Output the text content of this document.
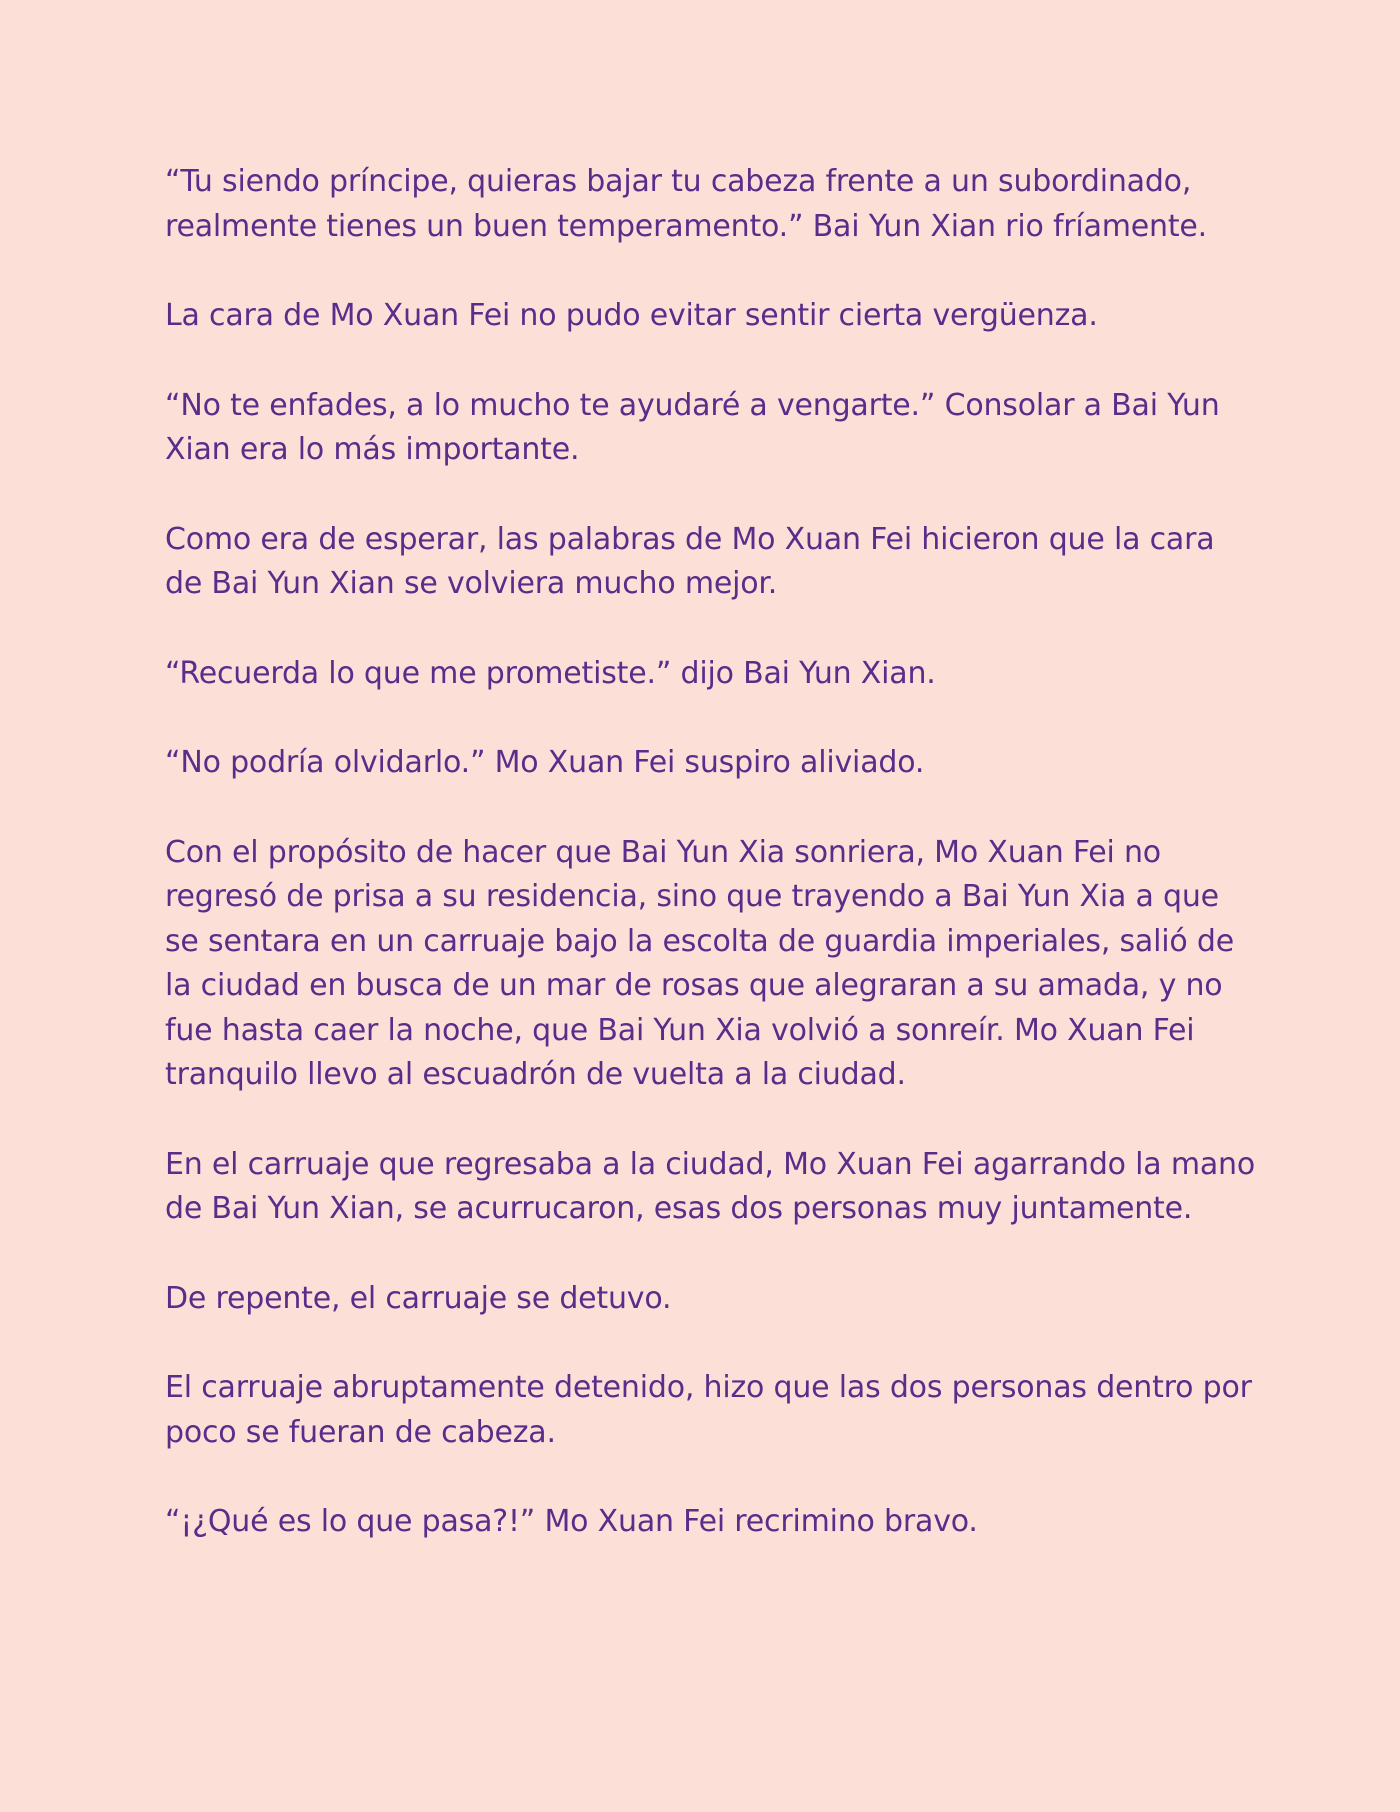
“Tu siendo príncipe, quieras bajar tu cabeza frente a un subordinado, realmente tienes un buen temperamento.” Bai Yun Xian rio fríamente.

La cara de Mo Xuan Fei no pudo evitar sentir cierta vergüenza.

“No te enfades, a lo mucho te ayudaré a vengarte.” Consolar a Bai Yun Xian era lo más importante.

Como era de esperar, las palabras de Mo Xuan Fei hicieron que la cara de Bai Yun Xian se volviera mucho mejor.

“Recuerda lo que me prometiste.” dijo Bai Yun Xian.

“No podría olvidarlo.” Mo Xuan Fei suspiro aliviado.

Con el propósito de hacer que Bai Yun Xia sonriera, Mo Xuan Fei no regresó de prisa a su residencia, sino que trayendo a Bai Yun Xia a que se sentara en un carruaje bajo la escolta de guardia imperiales, salió de la ciudad en busca de un mar de rosas que alegraran a su amada, y no fue hasta caer la noche, que Bai Yun Xia volvió a sonreír. Mo Xuan Fei tranquilo llevo al escuadrón de vuelta a la ciudad.

En el carruaje que regresaba a la ciudad, Mo Xuan Fei agarrando la mano de Bai Yun Xian, se acurrucaron, esas dos personas muy juntamente.

De repente, el carruaje se detuvo.

El carruaje abruptamente detenido, hizo que las dos personas dentro por poco se fueran de cabeza.

“¡¿Qué es lo que pasa?!” Mo Xuan Fei recrimino bravo.
